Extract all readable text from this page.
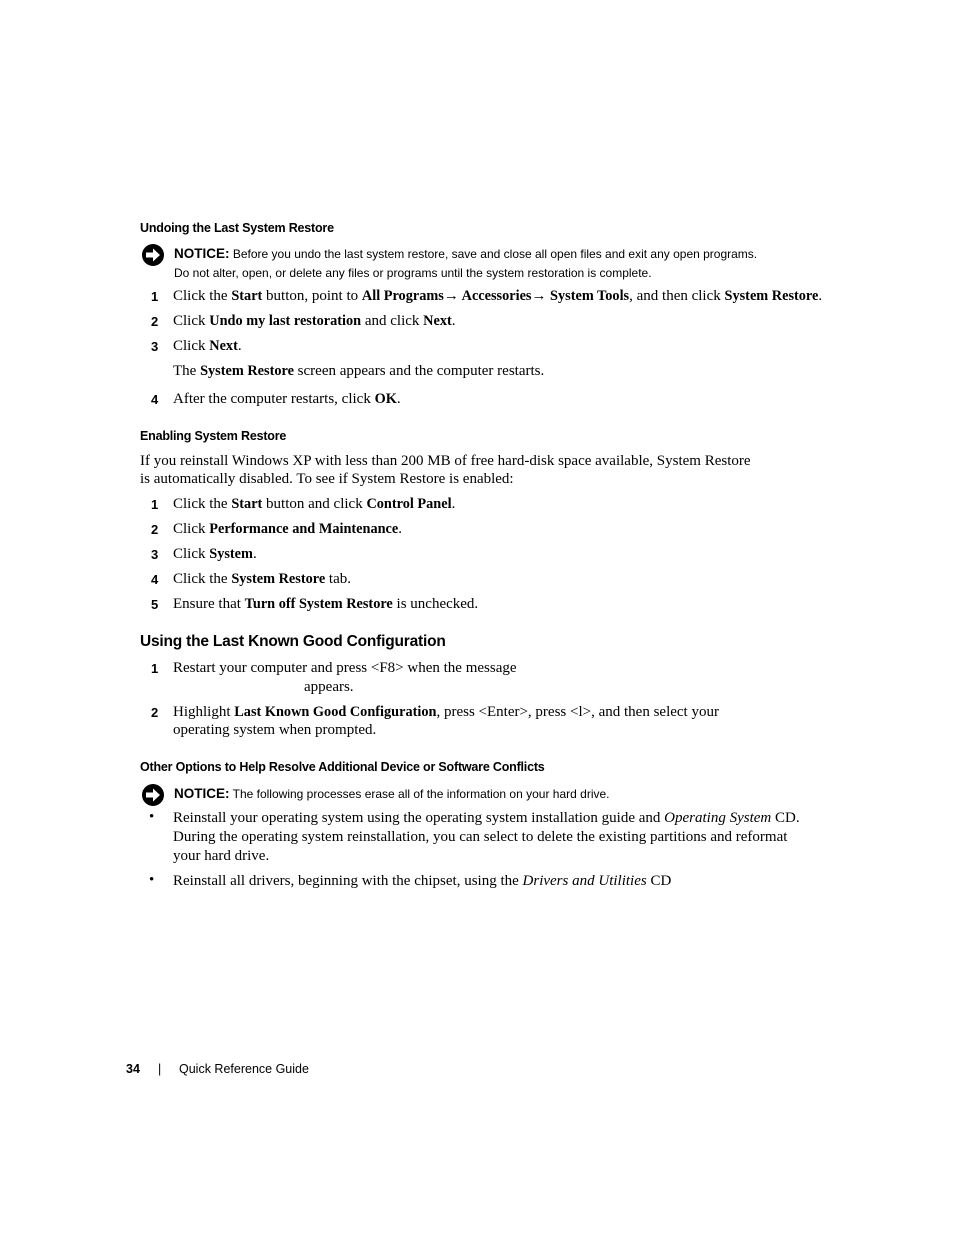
Undoing the Last System Restore
NOTICE: Before you undo the last system restore, save and close all open files and exit any open programs.
Do not alter, open, or delete any files or programs until the system restoration is complete.
1 Click the Start button, point to All Programs→ Accessories→ System Tools, and then click System Restore.
2 Click Undo my last restoration and click Next.
3 Click Next.
The System Restore screen appears and the computer restarts.
4 After the computer restarts, click OK.
Enabling System Restore
If you reinstall Windows XP with less than 200 MB of free hard-disk space available, System Restore
is automatically disabled. To see if System Restore is enabled:
1 Click the Start button and click Control Panel.
2 Click Performance and Maintenance.
3 Click System.
4 Click the System Restore tab.
5 Ensure that Turn off System Restore is unchecked.
Using the Last Known Good Configuration
1 Restart your computer and press <F8> when the message
appears.
2 Highlight Last Known Good Configuration, press <Enter>, press <l>, and then select your
operating system when prompted.
Other Options to Help Resolve Additional Device or Software Conflicts
NOTICE: The following processes erase all of the information on your hard drive.
• Reinstall your operating system using the operating system installation guide and Operating System CD.
During the operating system reinstallation, you can select to delete the existing partitions and reformat
your hard drive.
• Reinstall all drivers, beginning with the chipset, using the Drivers and Utilities CD
34 | Quick Reference Guide
